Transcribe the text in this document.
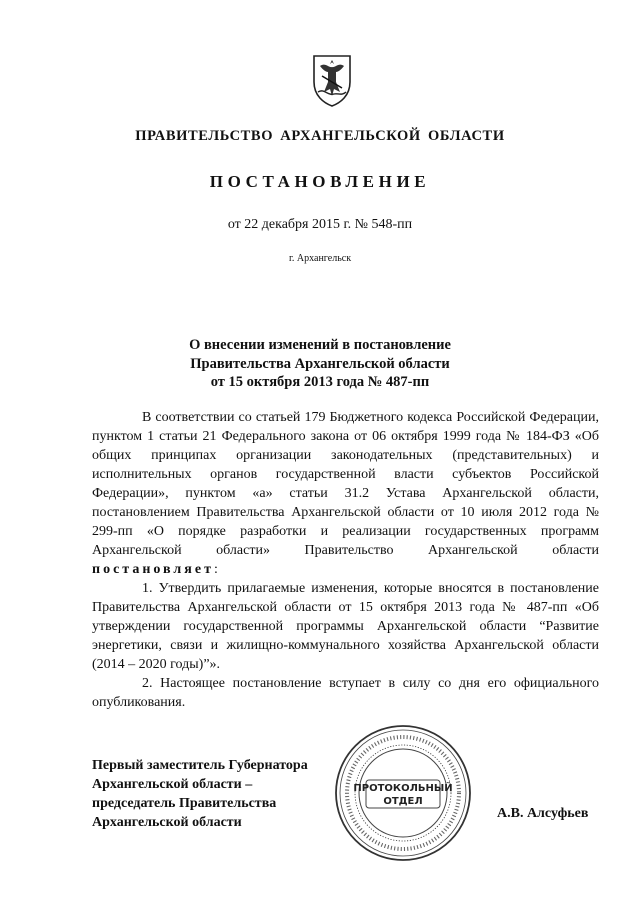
ПРАВИТЕЛЬСТВО АРХАНГЕЛЬСКОЙ ОБЛАСТИ
ПОСТАНОВЛЕНИЕ
от 22 декабря 2015 г. № 548-пп
г. Архангельск
О внесении изменений в постановление
Правительства Архангельской области
от 15 октября 2013 года № 487-пп

В соответствии со статьей 179 Бюджетного кодекса Российской Федерации, пунктом 1 статьи 21 Федерального закона от 06 октября 1999 года № 184-ФЗ «Об общих принципах организации законодательных (представительных) и исполнительных органов государственной власти субъектов Российской Федерации», пунктом «а» статьи 31.2 Устава Архангельской области, постановлением Правительства Архангельской области от 10 июля 2012 года № 299-пп «О порядке разработки и реализации государственных программ Архангельской области» Правительство Архангельской области постановляет:

1. Утвердить прилагаемые изменения, которые вносятся в постановление Правительства Архангельской области от 15 октября 2013 года № 487-пп «Об утверждении государственной программы Архангельской области “Развитие энергетики, связи и жилищно-коммунального хозяйства Архангельской области (2014 – 2020 годы)”».

2. Настоящее постановление вступает в силу со дня его официального опубликования.

Первый заместитель Губернатора
Архангельской области –
председатель Правительства
Архангельской области
ПРОТОКОЛЬНЫЙ
ОТДЕЛ
А.В. Алсуфьев
